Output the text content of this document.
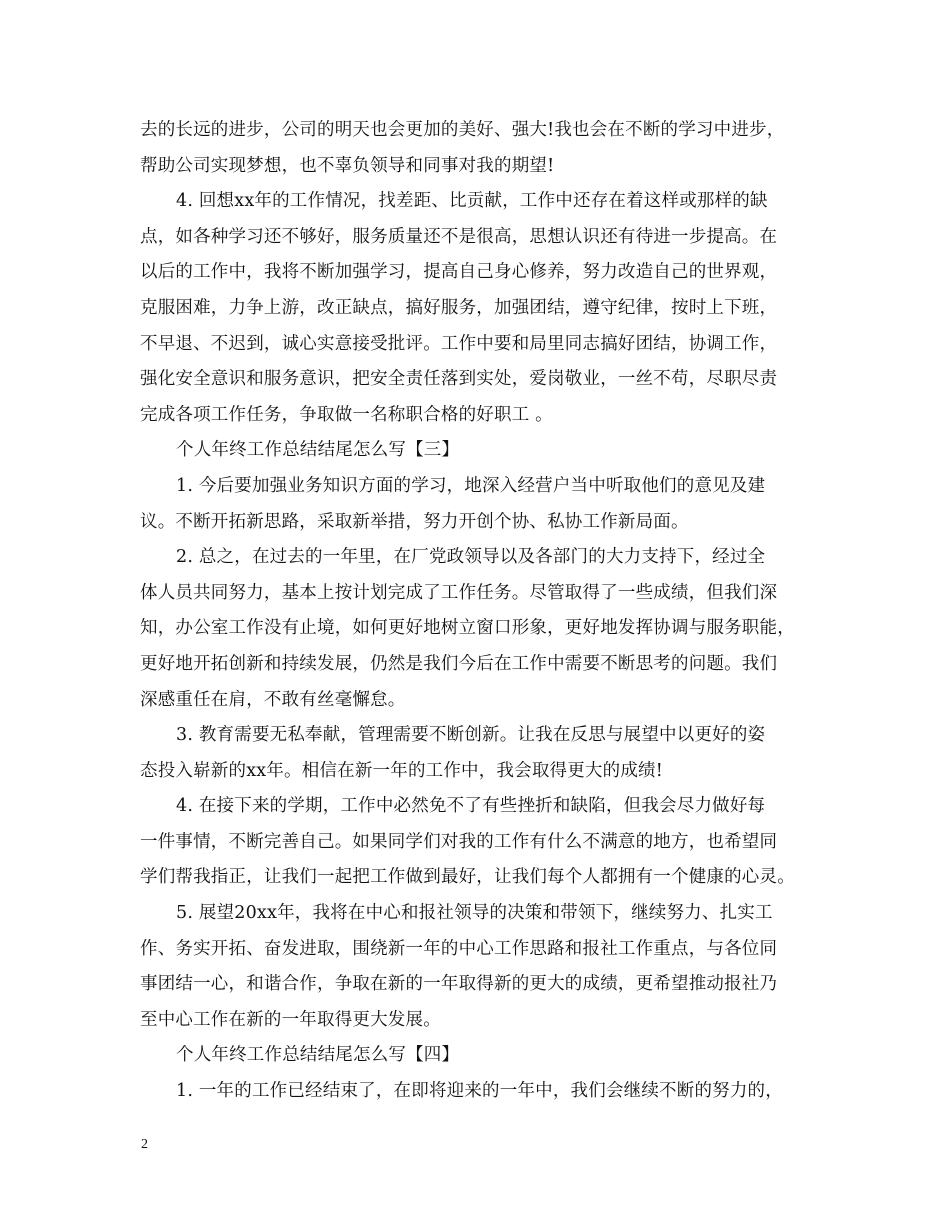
去的长远的进步，公司的明天也会更加的美好、强大!我也会在不断的学习中进步，
帮助公司实现梦想，也不辜负领导和同事对我的期望!
4. 回想xx年的工作情况，找差距、比贡献，工作中还存在着这样或那样的缺
点，如各种学习还不够好，服务质量还不是很高，思想认识还有待进一步提高。在
以后的工作中，我将不断加强学习，提高自己身心修养，努力改造自己的世界观，
克服困难，力争上游，改正缺点，搞好服务，加强团结，遵守纪律，按时上下班，
不早退、不迟到，诚心实意接受批评。工作中要和局里同志搞好团结，协调工作，
强化安全意识和服务意识，把安全责任落到实处，爱岗敬业，一丝不苟，尽职尽责
完成各项工作任务，争取做一名称职合格的好职工 。
个人年终工作总结结尾怎么写【三】
1. 今后要加强业务知识方面的学习，地深入经营户当中听取他们的意见及建
议。不断开拓新思路，采取新举措，努力开创个协、私协工作新局面。
2. 总之，在过去的一年里，在厂党政领导以及各部门的大力支持下，经过全
体人员共同努力，基本上按计划完成了工作任务。尽管取得了一些成绩，但我们深
知，办公室工作没有止境，如何更好地树立窗口形象，更好地发挥协调与服务职能，
更好地开拓创新和持续发展，仍然是我们今后在工作中需要不断思考的问题。我们
深感重任在肩，不敢有丝毫懈怠。
3. 教育需要无私奉献，管理需要不断创新。让我在反思与展望中以更好的姿
态投入崭新的xx年。相信在新一年的工作中，我会取得更大的成绩!
4. 在接下来的学期，工作中必然免不了有些挫折和缺陷，但我会尽力做好每
一件事情，不断完善自己。如果同学们对我的工作有什么不满意的地方，也希望同
学们帮我指正，让我们一起把工作做到最好，让我们每个人都拥有一个健康的心灵。
5. 展望20xx年，我将在中心和报社领导的决策和带领下，继续努力、扎实工
作、务实开拓、奋发进取，围绕新一年的中心工作思路和报社工作重点，与各位同
事团结一心，和谐合作，争取在新的一年取得新的更大的成绩，更希望推动报社乃
至中心工作在新的一年取得更大发展。
个人年终工作总结结尾怎么写【四】
1. 一年的工作已经结束了，在即将迎来的一年中，我们会继续不断的努力的，
2
